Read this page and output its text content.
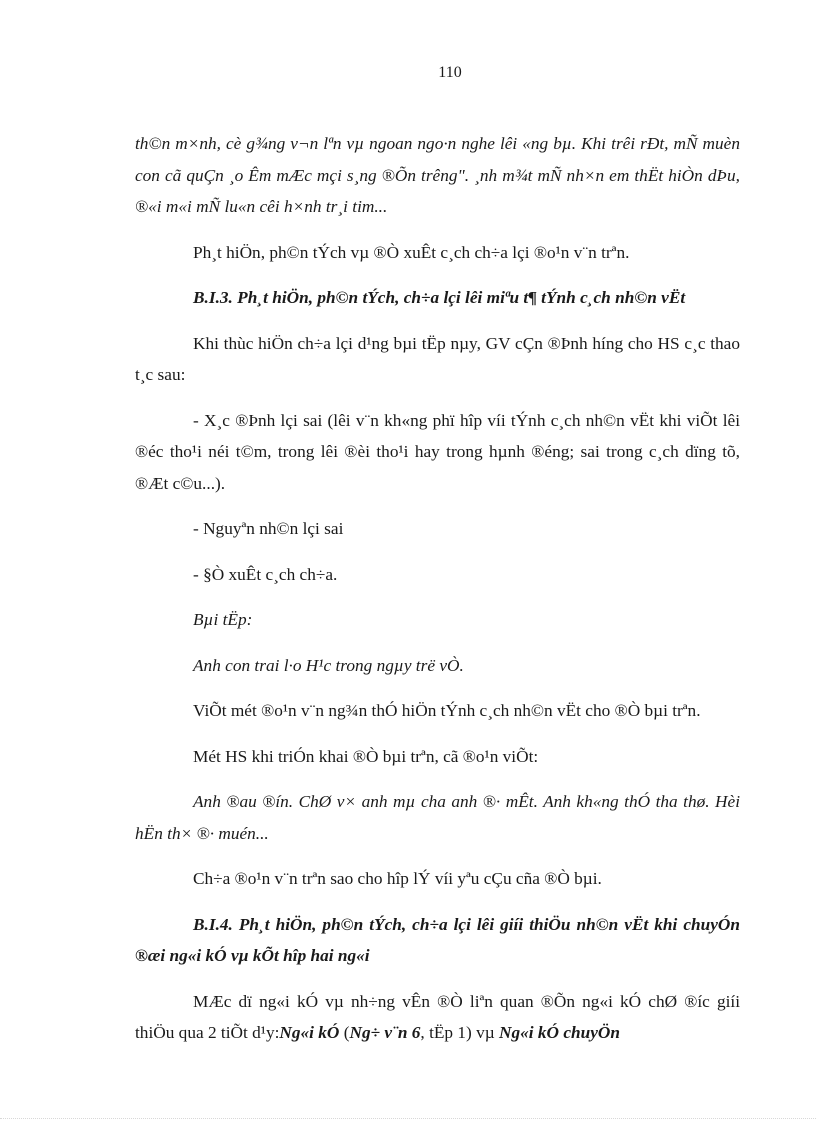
110

th©n m×nh, cè g¾ng v¬n lªn vµ ngoan ngo·n nghe lêi «ng bµ. Khi trêi rÐt, mÑ muèn con cã quÇn ¸o Êm mÆc mçi s¸ng ®Õn trêng". ¸nh m¾t mÑ nh×n em thËt hiÒn dÞu, ®«i m«i mÑ lu«n cêi h×nh tr¸i tim...

Ph¸t hiÖn, ph©n tÝch vµ ®Ò xuÊt c¸ch ch÷a lçi ®o¹n v¨n trªn.

B.I.3. Ph¸t hiÖn, ph©n tÝch, ch÷a lçi lêi miªu t¶ tÝnh c¸ch nh©n vËt

Khi thùc hiÖn ch÷a lçi d¹ng bµi tËp nµy, GV cÇn ®Þnh híng cho HS c¸c thao t¸c sau:

- X¸c ®Þnh lçi sai (lêi v¨n kh«ng phï hîp víi tÝnh c¸ch nh©n vËt khi viÕt lêi ®éc tho¹i néi t©m, trong lêi ®èi tho¹i hay trong hµnh ®éng; sai trong c¸ch dïng tõ, ®Æt c©u...).

- Nguyªn nh©n lçi sai

- §Ò xuÊt c¸ch ch÷a.

Bµi tËp:

Anh con trai l·o H¹c trong ngµy trë vÒ.

ViÕt mét ®o¹n v¨n ng¾n thÓ hiÖn tÝnh c¸ch nh©n vËt cho ®Ò bµi trªn.

Mét HS khi triÓn khai ®Ò bµi trªn, cã ®o¹n viÕt:

Anh ®au ®ín. ChØ v× anh mµ cha anh ®· mÊt. Anh kh«ng thÓ tha thø. Hèi hËn th× ®· muén...

Ch÷a ®o¹n v¨n trªn sao cho hîp lÝ víi yªu cÇu cña ®Ò bµi.

B.I.4. Ph¸t hiÖn, ph©n tÝch, ch÷a lçi lêi giíi thiÖu nh©n vËt khi chuyÓn ®æi ng«i kÓ vµ kÕt hîp hai ng«i

MÆc dï ng«i kÓ vµ nh÷ng vÊn ®Ò liªn quan ®Õn ng«i kÓ chØ ®íc giíi thiÖu qua 2 tiÕt d¹y:Ng«i kÓ (Ng÷ v¨n 6, tËp 1) vµ Ng«i kÓ chuyÖn
